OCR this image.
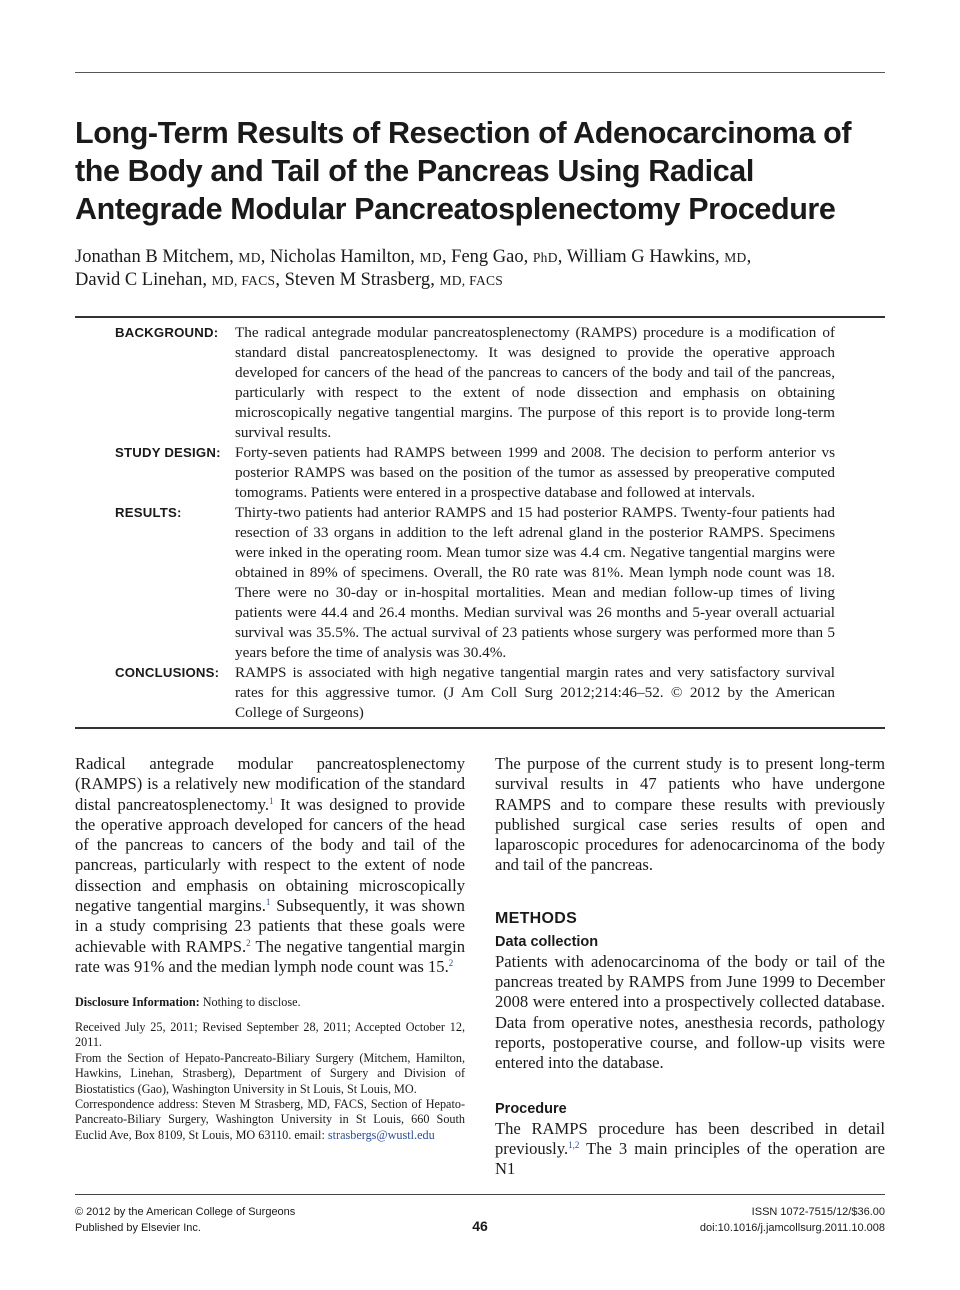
Long-Term Results of Resection of Adenocarcinoma of the Body and Tail of the Pancreas Using Radical Antegrade Modular Pancreatosplenectomy Procedure
Jonathan B Mitchem, MD, Nicholas Hamilton, MD, Feng Gao, PhD, William G Hawkins, MD,
David C Linehan, MD, FACS, Steven M Strasberg, MD, FACS
BACKGROUND:	The radical antegrade modular pancreatosplenectomy (RAMPS) procedure is a modification of standard distal pancreatosplenectomy. It was designed to provide the operative approach developed for cancers of the head of the pancreas to cancers of the body and tail of the pancreas, particularly with respect to the extent of node dissection and emphasis on obtaining microscopically negative tangential margins. The purpose of this report is to provide long-term survival results.
STUDY DESIGN: Forty-seven patients had RAMPS between 1999 and 2008. The decision to perform anterior vs posterior RAMPS was based on the position of the tumor as assessed by preoperative computed tomograms. Patients were entered in a prospective database and followed at intervals.
RESULTS:	Thirty-two patients had anterior RAMPS and 15 had posterior RAMPS. Twenty-four patients had resection of 33 organs in addition to the left adrenal gland in the posterior RAMPS. Specimens were inked in the operating room. Mean tumor size was 4.4 cm. Negative tangential margins were obtained in 89% of specimens. Overall, the R0 rate was 81%. Mean lymph node count was 18. There were no 30-day or in-hospital mortalities. Mean and median follow-up times of living patients were 44.4 and 26.4 months. Median survival was 26 months and 5-year overall actuarial survival was 35.5%. The actual survival of 23 patients whose surgery was performed more than 5 years before the time of analysis was 30.4%.
CONCLUSIONS:	RAMPS is associated with high negative tangential margin rates and very satisfactory survival rates for this aggressive tumor. (J Am Coll Surg 2012;214:46–52. © 2012 by the American College of Surgeons)
Radical antegrade modular pancreatosplenectomy (RAMPS) is a relatively new modification of the standard distal pancreatosplenectomy.$^1$ It was designed to provide the operative approach developed for cancers of the head of the pancreas to cancers of the body and tail of the pancreas, particularly with respect to the extent of node dissection and emphasis on obtaining microscopically negative tangential margins.$^1$ Subsequently, it was shown in a study comprising 23 patients that these goals were achievable with RAMPS.$^2$ The negative tangential margin rate was 91% and the median lymph node count was 15.$^2$
The purpose of the current study is to present long-term survival results in 47 patients who have undergone RAMPS and to compare these results with previously published surgical case series results of open and laparoscopic procedures for adenocarcinoma of the body and tail of the pancreas.
METHODS
Data collection
Patients with adenocarcinoma of the body or tail of the pancreas treated by RAMPS from June 1999 to December 2008 were entered into a prospectively collected database. Data from operative notes, anesthesia records, pathology reports, postoperative course, and follow-up visits were entered into the database.
Procedure
The RAMPS procedure has been described in detail previously.$^{1,2}$ The 3 main principles of the operation are N1
Disclosure Information: Nothing to disclose.

Received July 25, 2011; Revised September 28, 2011; Accepted October 12, 2011.

From the Section of Hepato-Pancreato-Biliary Surgery (Mitchem, Hamilton, Hawkins, Linehan, Strasberg), Department of Surgery and Division of Biostatistics (Gao), Washington University in St Louis, St Louis, MO.

Correspondence address: Steven M Strasberg, MD, FACS, Section of Hepato-Pancreato-Biliary Surgery, Washington University in St Louis, 660 South Euclid Ave, Box 8109, St Louis, MO 63110. email: strasbergs@wustl.edu

© 2012 by the American College of Surgeons
Published by Elsevier Inc.	46
ISSN 1072-7515/12/$36.00
doi:10.1016/j.jamcollsurg.2011.10.008
